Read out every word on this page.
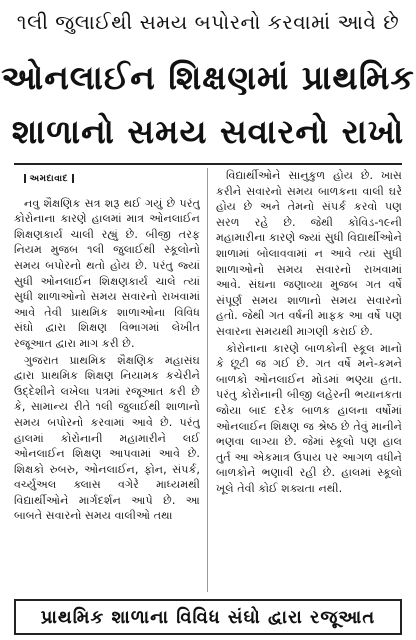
૧લી જુલાઈથી સમય બપોરનો કરવામાં આવે છે
ઓનલાઈન શિક્ષણમાં પ્રાથમિક
શાળાનો સમય સવારનો રાખો
અમદાવાદ

નવુ શૈક્ષણિક સત્ર શરૂ થઈ ગયું છે પરંતુ કોરોનાના કારણે હાલમાં માત્ર ઓનલાઈન શિક્ષણકાર્ય ચાલી રહ્યું છે. બીજી તરફ નિયમ મુજબ ૧લી જુલાઈથી સ્કૂલોનો સમય બપોરનો થતો હોય છે. પરંતુ જ્યાં સુધી ઓનલાઈન શિક્ષણકાર્ય ચાલે ત્યાં સુધી શાળાઓનો સમય સવારનો રાખવામાં આવે તેવી પ્રાથમિક શાળાઓના વિવિધ સંઘો દ્વારા શિક્ષણ વિભાગમાં લેખીત રજૂઆત દ્વારા માગ કરી છે.

ગુજરાત પ્રાથમિક શૈક્ષણિક મહાસંઘ દ્વારા પ્રાથમિક શિક્ષણ નિયામક કચેરીને ઉદ્દેશીને લખેલા પત્રમાં રજૂઆત કરી છે કે, સામાન્ય રીતે ૧લી જુલાઈથી શાળાનો સમય બપોરનો કરવામાં આવે છે. પરંતુ હાલમાં કોરોનાની મહામારીને લઈ ઓનલાઈન શિક્ષણ આપવામાં આવે છે. શિક્ષકો રુબરુ, ઓનલાઈન, ફોન, સંપર્ક, વર્ચ્યુઅલ ક્લાસ વગેરે માધ્યમથી વિદ્યાર્થીઓને માર્ગદર્શન આપે છે. આ બાબતે સવારનો સમય વાલીઓ તથા

વિદ્યાર્થીઓને સાનુકુળ હોય છે. ખાસ કરીને સવારનો સમય બાળકના વાલી ઘરે હોય છે અને તેમનો સંપર્ક કરવો પણ સરળ રહે છે. જેથી કોવિડ-૧૯ની મહામારીના કારણે જ્યાં સુધી વિદ્યાર્થીઓને શાળામાં બોલાવવામાં ન આવે ત્યાં સુધી શાળાઓનો સમય સવારનો રાખવામાં આવે. સંઘના જણાવ્યા મુજબ ગત વર્ષે સંપૂર્ણ સમય શાળાનો સમય સવારનો હતો. જેથી ગત વર્ષની માફક આ વર્ષે પણ સવારના સમયથી માગણી કરાઈ છે.

કોરોનાના કારણે બાળકોની સ્કૂલ માનો કે છૂટી જ ગઈ છે. ગત વર્ષે મને-કમને બાળકો ઓનલાઈન મોડમાં ભણ્યા હતા. પરંતુ કોરોનાની બીજી લહેરની ભયાનકતા જોયા બાદ દરેક બાળક હાલના વર્ષોમાં ઓનલાઈન શિક્ષણ જ શ્રેષ્ઠ છે તેવું માનીને ભણવા લાગ્યા છે. જેમાં સ્કૂલો પણ હાલ તુર્ત આ એકમાત્ર ઉપાય પર આગળ વધીને બાળકોને ભણાવી રહી છે. હાલમાં સ્કૂલો ખૂલે તેવી કોઈ શક્યતા નથી.

પ્રાથમિક શાળાના વિવિધ સંઘો દ્વારા રજૂઆત
